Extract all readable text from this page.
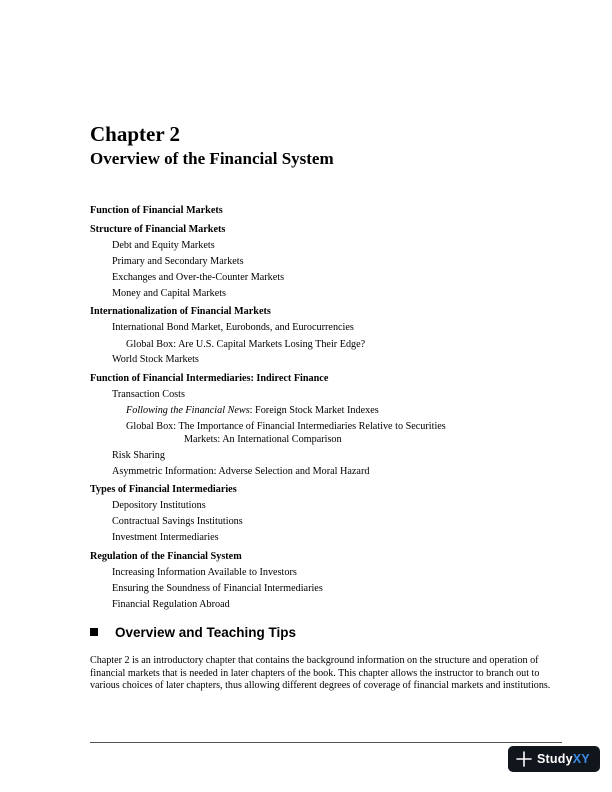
Chapter 2
Overview of the Financial System
Function of Financial Markets
Structure of Financial Markets
Debt and Equity Markets
Primary and Secondary Markets
Exchanges and Over-the-Counter Markets
Money and Capital Markets
Internationalization of Financial Markets
International Bond Market, Eurobonds, and Eurocurrencies
Global Box: Are U.S. Capital Markets Losing Their Edge?
World Stock Markets
Function of Financial Intermediaries: Indirect Finance
Transaction Costs
Following the Financial News: Foreign Stock Market Indexes
Global Box: The Importance of Financial Intermediaries Relative to Securities
Markets: An International Comparison
Risk Sharing
Asymmetric Information: Adverse Selection and Moral Hazard
Types of Financial Intermediaries
Depository Institutions
Contractual Savings Institutions
Investment Intermediaries
Regulation of the Financial System
Increasing Information Available to Investors
Ensuring the Soundness of Financial Intermediaries
Financial Regulation Abroad
Overview and Teaching Tips

Chapter 2 is an introductory chapter that contains the background information on the structure and operation of financial markets that is needed in later chapters of the book. This chapter allows the instructor to branch out to various choices of later chapters, thus allowing different degrees of coverage of financial markets and institutions.

StudyXY
